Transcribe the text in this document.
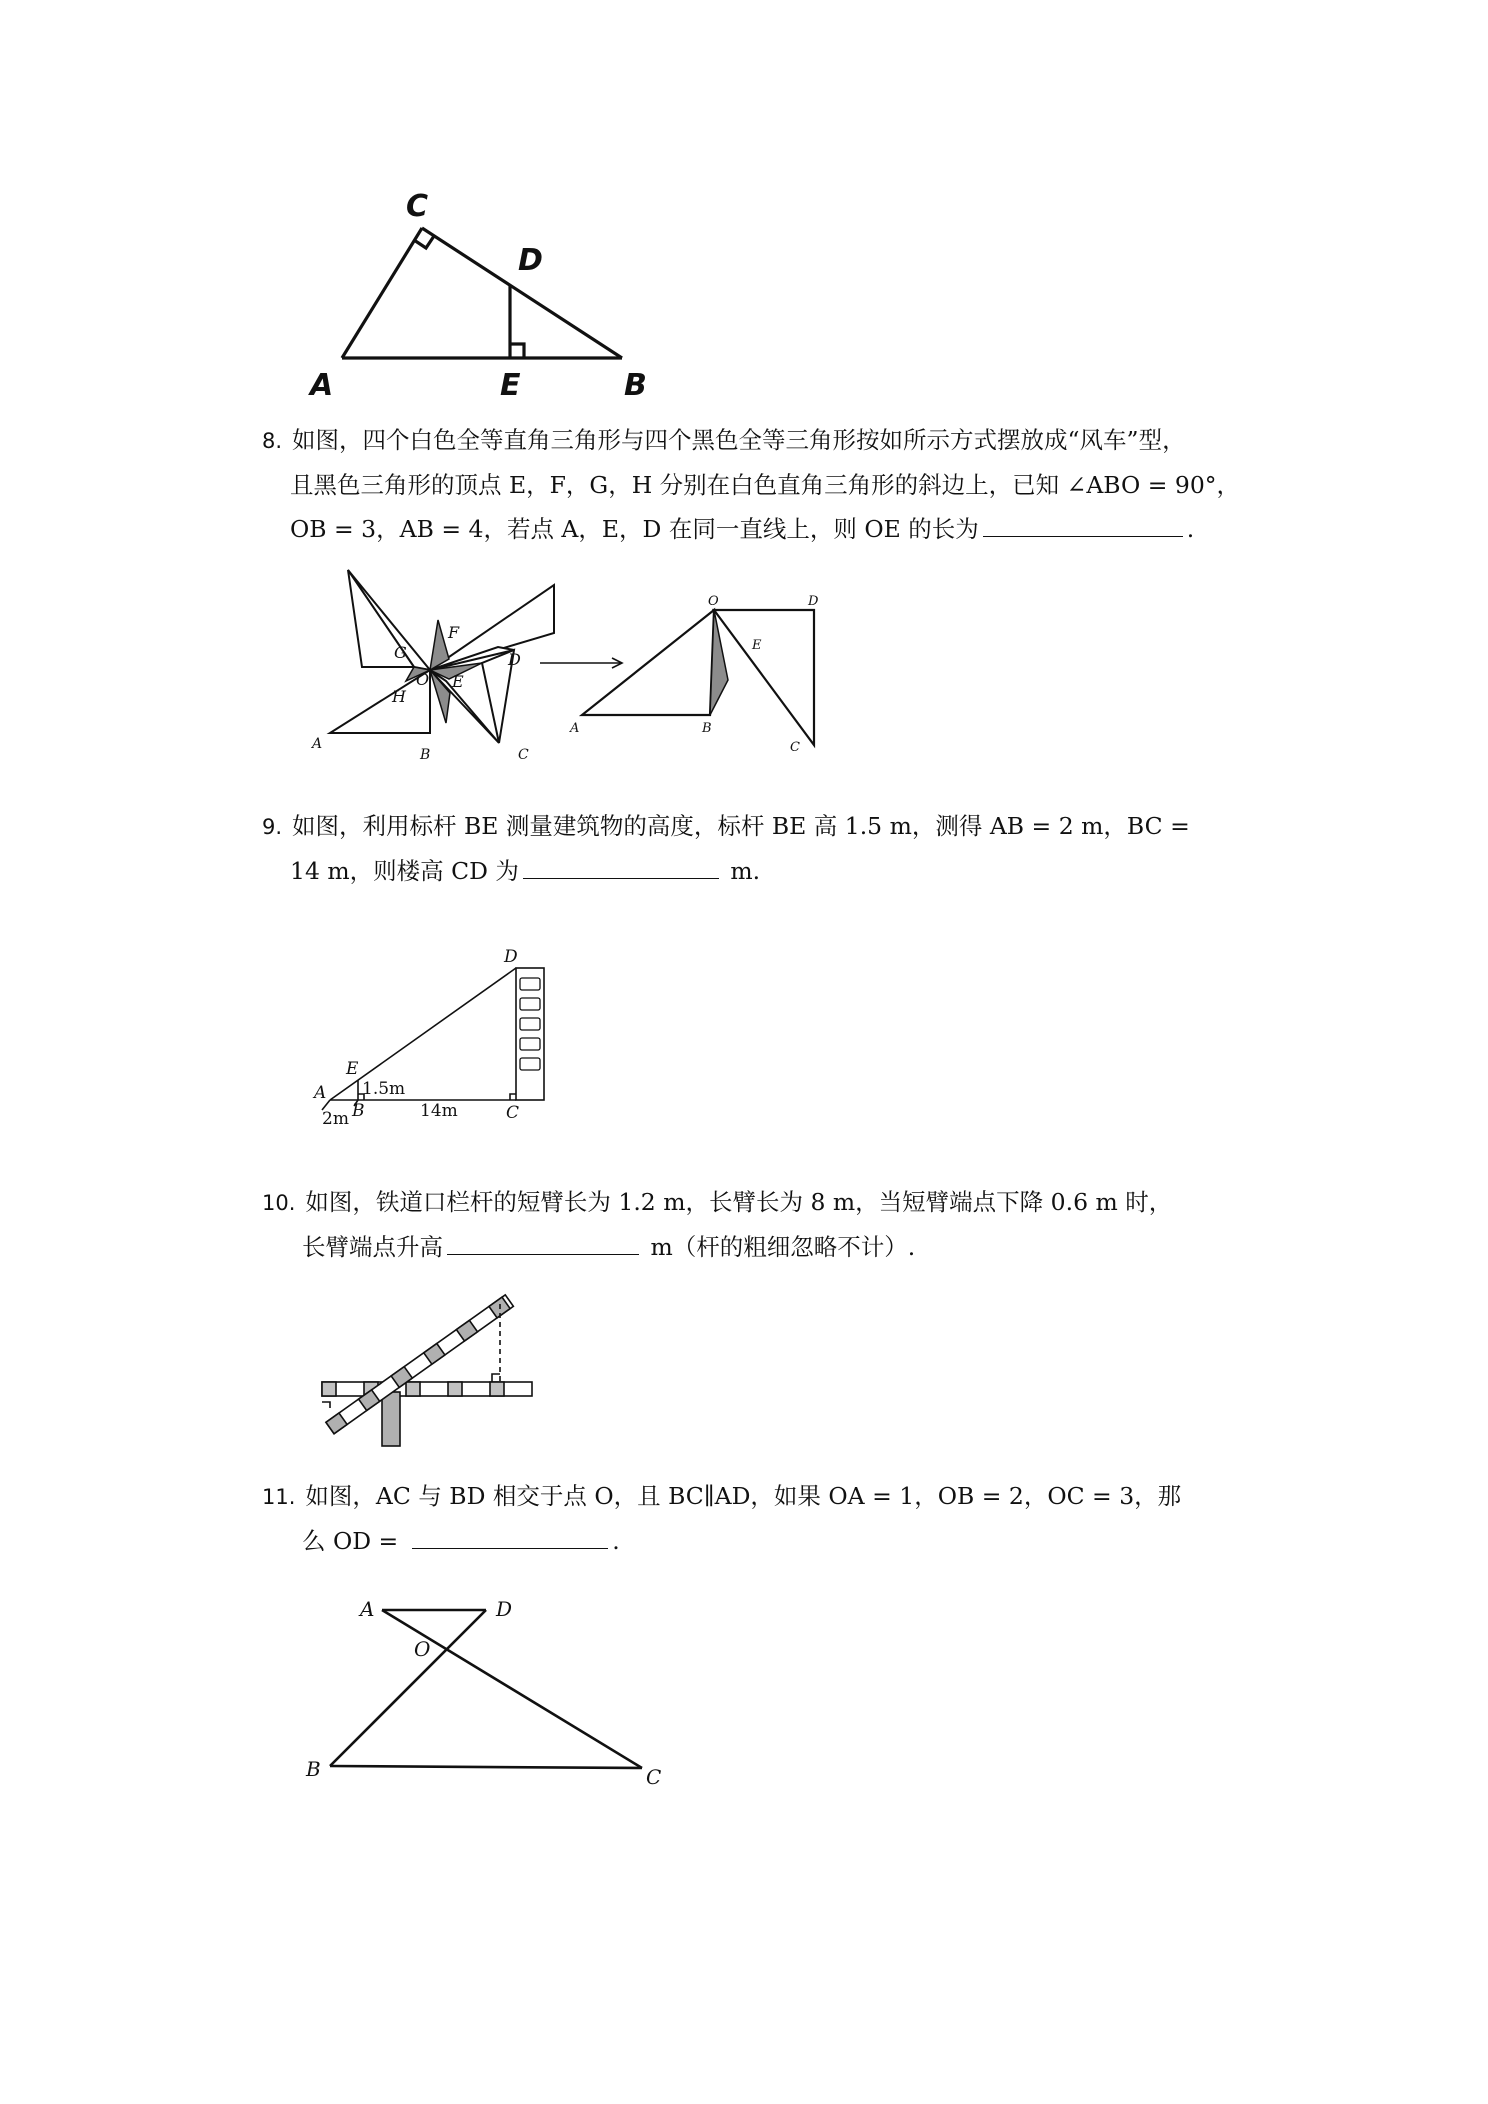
C
D
A	E	B
8. 如图，四个白色全等直角三角形与四个黑色全等三角形按如所示方式摆放成“风车”型，
且黑色三角形的顶点 E，F，G，H 分别在白色直角三角形的斜边上，已知 ∠ABO = 90°，
OB = 3，AB = 4，若点 A，E，D 在同一直线上，则 OE 的长为	.
G
F
D
O E
H
A
B	C
O	D
E
A	B
C
9. 如图，利用标杆 BE 测量建筑物的高度，标杆 BE 高 1.5 m，测得 AB = 2 m，BC =
14 m，则楼高 CD 为	m.
D
E
A
B	C
1.5m
2m	14m
10. 如图，铁道口栏杆的短臂长为 1.2 m，长臂长为 8 m，当短臂端点下降 0.6 m 时，
长臂端点升高	m（杆的粗细忽略不计）.
11. 如图，AC 与 BD 相交于点 O，且 BC∥AD，如果 OA = 1，OB = 2，OC = 3，那
么 OD =	.
A	D
O
B	C
